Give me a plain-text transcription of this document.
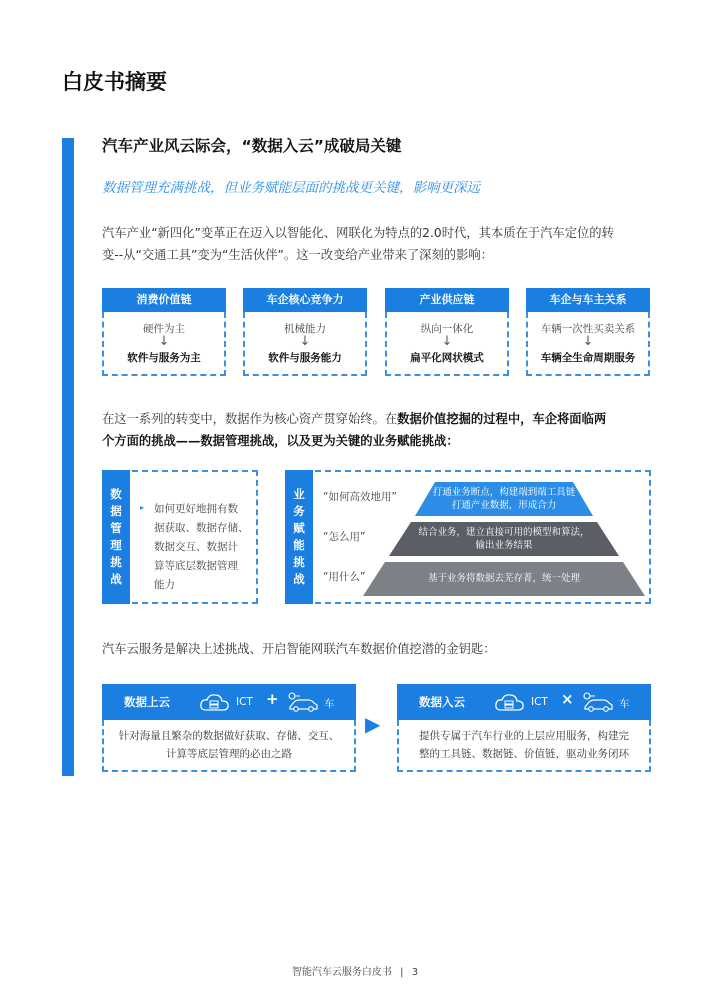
白皮书摘要
汽车产业风云际会，“数据入云”成破局关键
数据管理充满挑战，但业务赋能层面的挑战更关键，影响更深远
汽车产业“新四化”变革正在迈入以智能化、网联化为特点的2.0时代，其本质在于汽车定位的转
变--从“交通工具”变为“生活伙伴”。这一改变给产业带来了深刻的影响：
消费价值链
硬件为主
↓
软件与服务为主
车企核心竞争力
机械能力
↓
软件与服务能力
产业供应链
纵向一体化
↓
扁平化网状模式
车企与车主关系
车辆一次性买卖关系
↓
车辆全生命周期服务
在这一系列的转变中，数据作为核心资产贯穿始终。在数据价值挖掘的过程中，车企将面临两
个方面的挑战——数据管理挑战，以及更为关键的业务赋能挑战：
数
据
管
理
挑
战
▸ 如何更好地拥有数
据获取、数据存储、
数据交互、数据计
算等底层数据管理
能力
业
务
赋
能
挑
战
“如何高效地用”
“怎么用”
“用什么”
打通业务断点，构建端到端工具链
打通产业数据，形成合力
结合业务，建立直接可用的模型和算法，
输出业务结果
基于业务将数据去芜存菁，统一处理
汽车云服务是解决上述挑战、开启智能网联汽车数据价值挖潜的金钥匙：
数据上云	ICT +	车
针对海量且繁杂的数据做好获取、存储、交互、
计算等底层管理的必由之路
▶
数据入云	ICT ×	车
提供专属于汽车行业的上层应用服务，构建完
整的工具链、数据链、价值链，驱动业务闭环
智能汽车云服务白皮书 | 3
